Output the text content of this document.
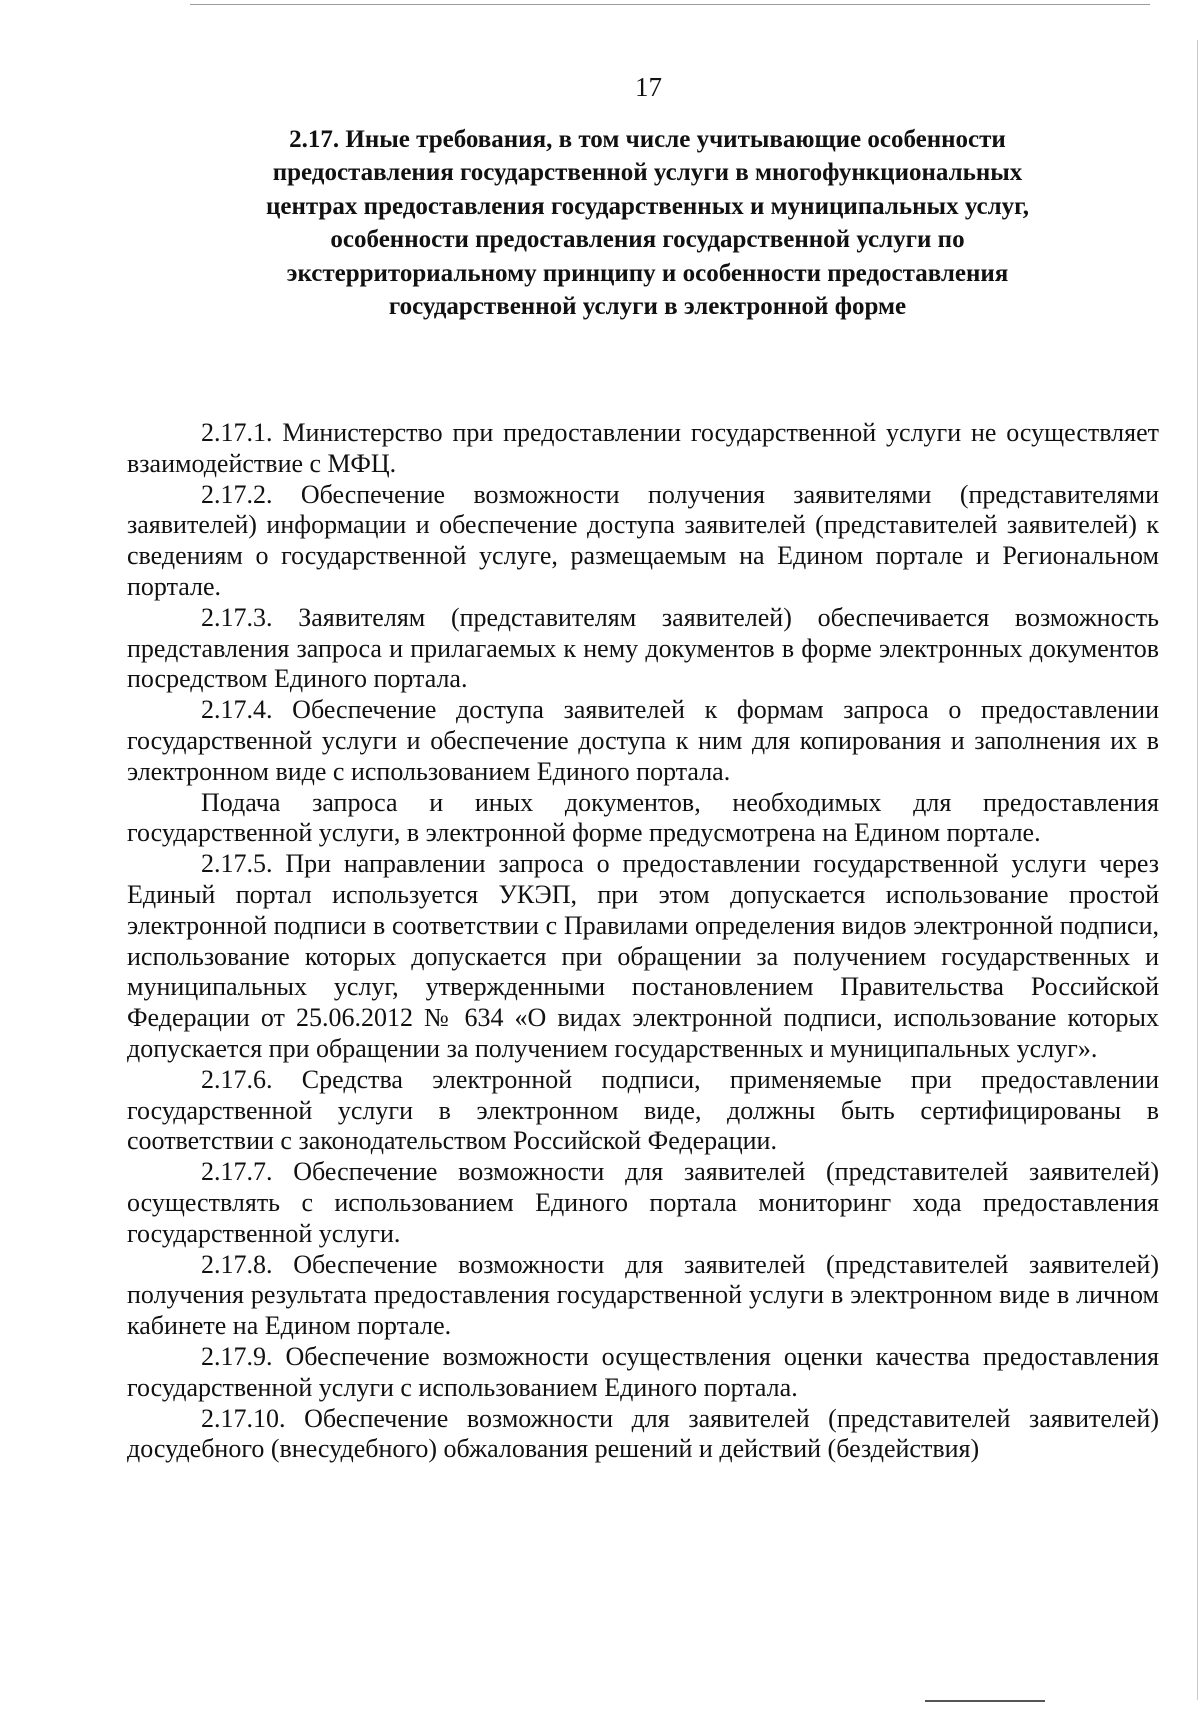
17
2.17. Иные требования, в том числе учитывающие особенности предоставления государственной услуги в многофункциональных центрах предоставления государственных и муниципальных услуг, особенности предоставления государственной услуги по экстерриториальному принципу и особенности предоставления государственной услуги в электронной форме

2.17.1. Министерство при предоставлении государственной услуги не осуществляет взаимодействие с МФЦ.

2.17.2. Обеспечение возможности получения заявителями (представителями заявителей) информации и обеспечение доступа заявителей (представителей заявителей) к сведениям о государственной услуге, размещаемым на Едином портале и Региональном портале.

2.17.3. Заявителям (представителям заявителей) обеспечивается возможность представления запроса и прилагаемых к нему документов в форме электронных документов посредством Единого портала.

2.17.4. Обеспечение доступа заявителей к формам запроса о предоставлении государственной услуги и обеспечение доступа к ним для копирования и заполнения их в электронном виде с использованием Единого портала.

Подача запроса и иных документов, необходимых для предоставления государственной услуги, в электронной форме предусмотрена на Едином портале.

2.17.5. При направлении запроса о предоставлении государственной услуги через Единый портал используется УКЭП, при этом допускается использование простой электронной подписи в соответствии с Правилами определения видов электронной подписи, использование которых допускается при обращении за получением государственных и муниципальных услуг, утвержденными постановлением Правительства Российской Федерации от 25.06.2012 № 634 «О видах электронной подписи, использование которых допускается при обращении за получением государственных и муниципальных услуг».

2.17.6. Средства электронной подписи, применяемые при предоставлении государственной услуги в электронном виде, должны быть сертифицированы в соответствии с законодательством Российской Федерации.

2.17.7. Обеспечение возможности для заявителей (представителей заявителей) осуществлять с использованием Единого портала мониторинг хода предоставления государственной услуги.

2.17.8. Обеспечение возможности для заявителей (представителей заявителей) получения результата предоставления государственной услуги в электронном виде в личном кабинете на Едином портале.

2.17.9. Обеспечение возможности осуществления оценки качества предоставления государственной услуги с использованием Единого портала.

2.17.10. Обеспечение возможности для заявителей (представителей заявителей) досудебного (внесудебного) обжалования решений и действий (бездействия)
